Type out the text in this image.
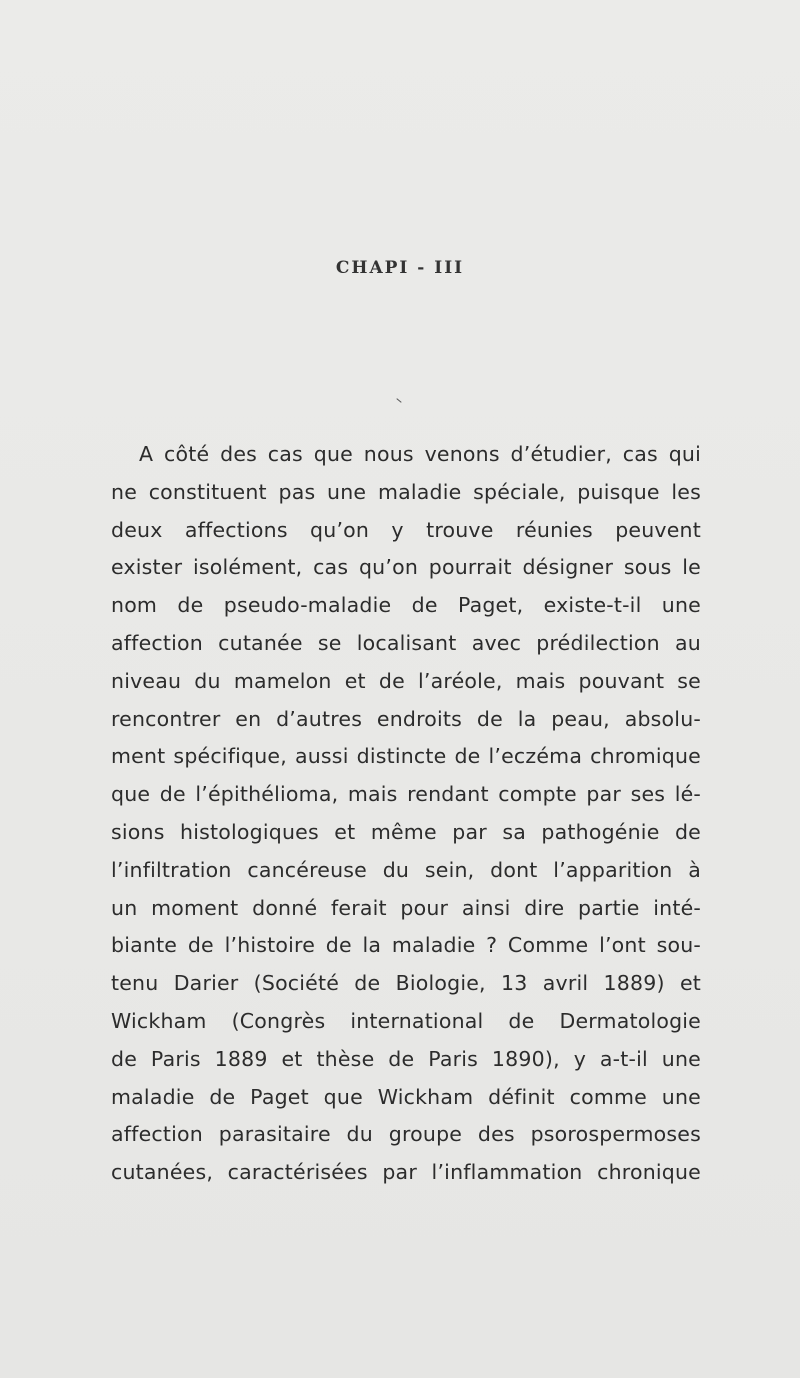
CHAPI - III
A côté des cas que nous venons d’étudier, cas qui
ne constituent pas une maladie spéciale, puisque les
deux affections qu’on y trouve réunies peuvent
exister isolément, cas qu’on pourrait désigner sous le
nom de pseudo-maladie de Paget, existe-t-il une
affection cutanée se localisant avec prédilection au
niveau du mamelon et de l’aréole, mais pouvant se
rencontrer en d’autres endroits de la peau, absolu-
ment spécifique, aussi distincte de l’eczéma chromique
que de l’épithélioma, mais rendant compte par ses lé-
sions histologiques et même par sa pathogénie de
l’infiltration cancéreuse du sein, dont l’apparition à
un moment donné ferait pour ainsi dire partie inté-
biante de l’histoire de la maladie ? Comme l’ont sou-
tenu Darier (Société de Biologie, 13 avril 1889) et
Wickham (Congrès international de Dermatologie
de Paris 1889 et thèse de Paris 1890), y a-t-il une
maladie de Paget que Wickham définit comme une
affection parasitaire du groupe des psorospermoses
cutanées, caractérisées par l’inflammation chronique
